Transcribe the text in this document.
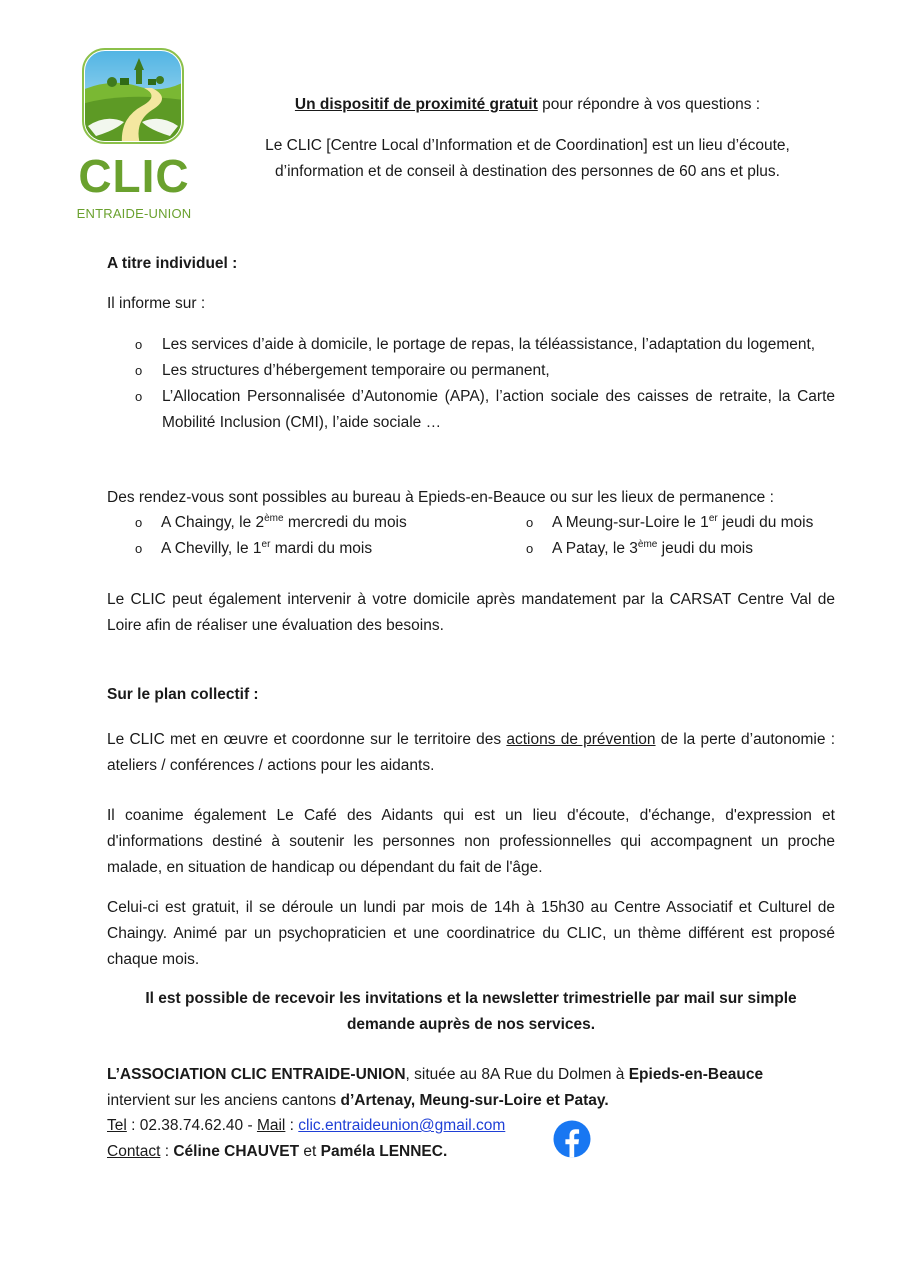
CLIC
ENTRAIDE-UNION
Un dispositif de proximité gratuit pour répondre à vos questions :
Le CLIC [Centre Local d’Information et de Coordination] est un lieu d’écoute,
d’information et de conseil à destination des personnes de 60 ans et plus.
A titre individuel :
Il informe sur :
o Les services d’aide à domicile, le portage de repas, la téléassistance, l’adaptation du logement,
o Les structures d’hébergement temporaire ou permanent,
o L’Allocation Personnalisée d’Autonomie (APA), l’action sociale des caisses de retraite, la Carte Mobilité Inclusion (CMI), l’aide sociale …
Des rendez-vous sont possibles au bureau à Epieds-en-Beauce ou sur les lieux de permanence :
o A Chaingy, le 2ème mercredi du mois	o A Meung-sur-Loire le 1er jeudi du mois
o A Chevilly, le 1er mardi du mois	o A Patay, le 3ème jeudi du mois
Le CLIC peut également intervenir à votre domicile après mandatement par la CARSAT Centre Val de Loire afin de réaliser une évaluation des besoins.
Sur le plan collectif :
Le CLIC met en œuvre et coordonne sur le territoire des actions de prévention de la perte d’autonomie : ateliers / conférences / actions pour les aidants.
Il coanime également Le Café des Aidants qui est un lieu d'écoute, d'échange, d'expression et d'informations destiné à soutenir les personnes non professionnelles qui accompagnent un proche malade, en situation de handicap ou dépendant du fait de l'âge.
Celui-ci est gratuit, il se déroule un lundi par mois de 14h à 15h30 au Centre Associatif et Culturel de Chaingy. Animé par un psychopraticien et une coordinatrice du CLIC, un thème différent est proposé chaque mois.
Il est possible de recevoir les invitations et la newsletter trimestrielle par mail sur simple
demande auprès de nos services.
L’ASSOCIATION CLIC ENTRAIDE-UNION, située au 8A Rue du Dolmen à Epieds-en-Beauce
intervient sur les anciens cantons d’Artenay, Meung-sur-Loire et Patay.
Tel : 02.38.74.62.40 - Mail : clic.entraideunion@gmail.com
Contact : Céline CHAUVET et Paméla LENNEC.
